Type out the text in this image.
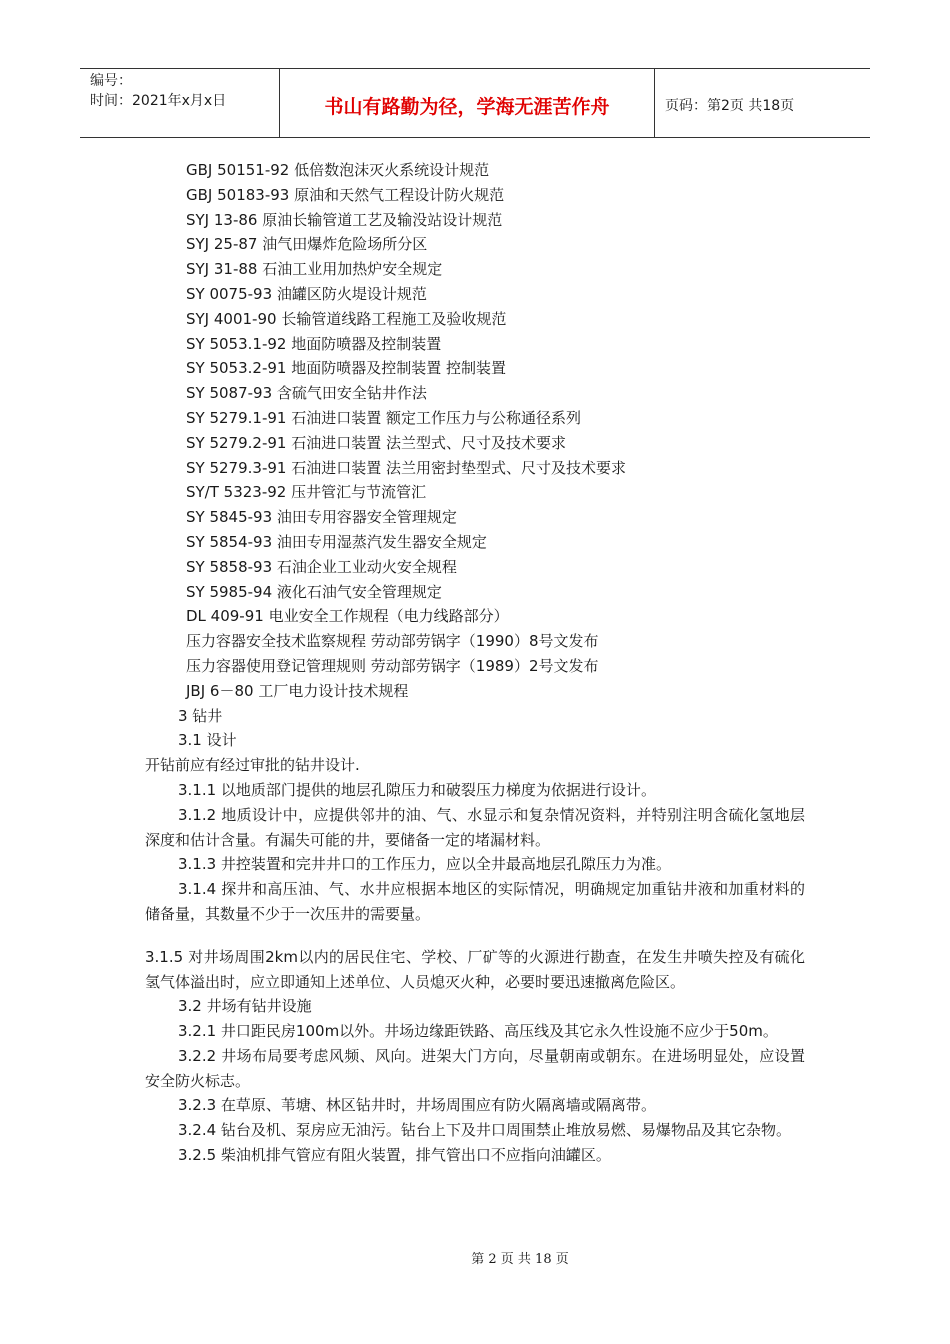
编号：
时间：2021年x月x日	书山有路勤为径，学海无涯苦作舟	页码：第2页 共18页
GBJ 50151-92 低倍数泡沫灭火系统设计规范
GBJ 50183-93 原油和天然气工程设计防火规范
SYJ 13-86 原油长输管道工艺及输没站设计规范
SYJ 25-87 油气田爆炸危险场所分区
SYJ 31-88 石油工业用加热炉安全规定
SY 0075-93 油罐区防火堤设计规范
SYJ 4001-90 长输管道线路工程施工及验收规范
SY 5053.1-92 地面防喷器及控制装置
SY 5053.2-91 地面防喷器及控制装置 控制装置
SY 5087-93 含硫气田安全钻井作法
SY 5279.1-91 石油进口装置 额定工作压力与公称通径系列
SY 5279.2-91 石油进口装置 法兰型式、尺寸及技术要求
SY 5279.3-91 石油进口装置 法兰用密封垫型式、尺寸及技术要求
SY/T 5323-92 压井管汇与节流管汇
SY 5845-93 油田专用容器安全管理规定
SY 5854-93 油田专用湿蒸汽发生器安全规定
SY 5858-93 石油企业工业动火安全规程
SY 5985-94 液化石油气安全管理规定
DL 409-91 电业安全工作规程（电力线路部分）
压力容器安全技术监察规程 劳动部劳锅字（1990）8号文发布
压力容器使用登记管理规则 劳动部劳锅字（1989）2号文发布
JBJ 6－80 工厂电力设计技术规程
3 钻井
3.1 设计
开钻前应有经过审批的钻井设计.
3.1.1 以地质部门提供的地层孔隙压力和破裂压力梯度为依据进行设计。
3.1.2 地质设计中，应提供邻井的油、气、水显示和复杂情况资料，并特别注明含硫化氢地层深度和估计含量。有漏失可能的井，要储备一定的堵漏材料。
3.1.3 井控装置和完井井口的工作压力，应以全井最高地层孔隙压力为准。
3.1.4 探井和高压油、气、水井应根据本地区的实际情况，明确规定加重钻井液和加重材料的储备量，其数量不少于一次压井的需要量。
3.1.5 对井场周围2km以内的居民住宅、学校、厂矿等的火源进行勘查，在发生井喷失控及有硫化氢气体溢出时，应立即通知上述单位、人员熄灭火种，必要时要迅速撤离危险区。
3.2 井场有钻井设施
3.2.1 井口距民房100m以外。井场边缘距铁路、高压线及其它永久性设施不应少于50m。
3.2.2 井场布局要考虑风频、风向。进架大门方向，尽量朝南或朝东。在进场明显处，应设置安全防火标志。
3.2.3 在草原、苇塘、林区钻井时，井场周围应有防火隔离墙或隔离带。
3.2.4 钻台及机、泵房应无油污。钻台上下及井口周围禁止堆放易燃、易爆物品及其它杂物。
3.2.5 柴油机排气管应有阻火装置，排气管出口不应指向油罐区。
第 2 页 共 18 页
